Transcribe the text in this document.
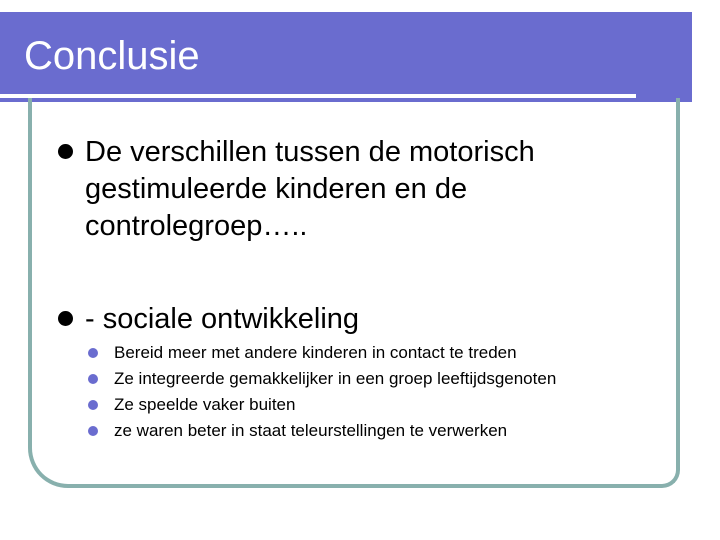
Conclusie
De verschillen tussen de motorisch
gestimuleerde kinderen en de
controlegroep…..
- sociale ontwikkeling
Bereid meer met andere kinderen in contact te treden
Ze integreerde gemakkelijker in een groep leeftijdsgenoten
Ze speelde vaker buiten
ze waren beter in staat teleurstellingen te verwerken
